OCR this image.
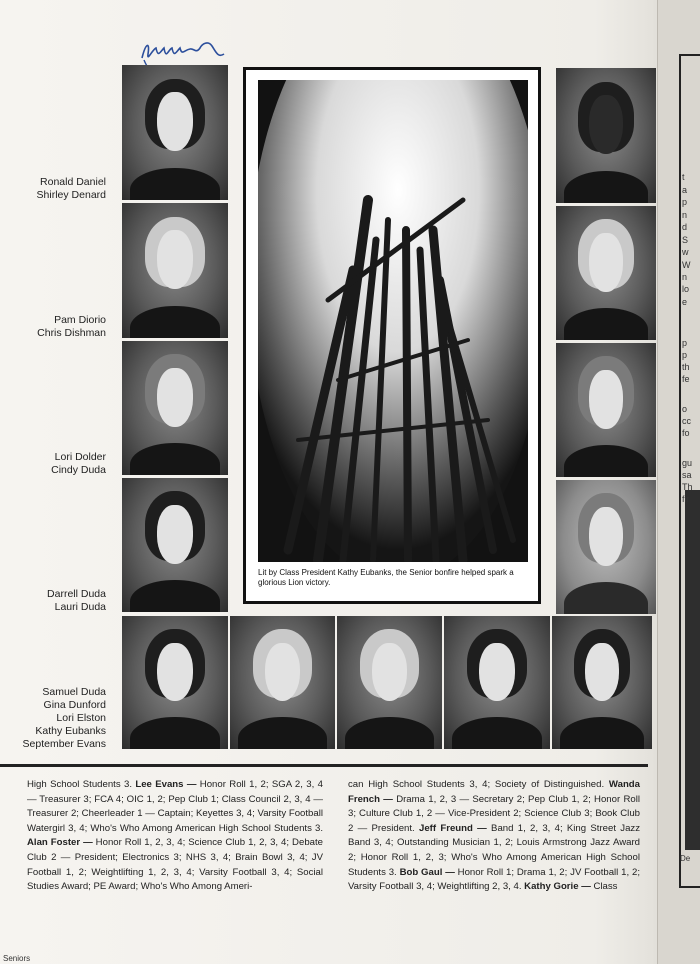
Ronald Daniel
Shirley Denard
Pam Diorio
Chris Dishman
Lori Dolder
Cindy Duda
Darrell Duda
Lauri Duda
Samuel Duda
Gina Dunford
Lori Elston
Kathy Eubanks
September Evans
Lit by Class President Kathy Eubanks, the Senior bonfire helped spark a glorious Lion victory.
High School Students 3. Lee Evans — Honor Roll 1, 2; SGA 2, 3, 4 — Treasurer 3; FCA 4; OIC 1, 2; Pep Club 1; Class Council 2, 3, 4 — Treasurer 2; Cheerleader 1 — Captain; Keyettes 3, 4; Varsity Football Watergirl 3, 4; Who's Who Among American High School Students 3. Alan Foster — Honor Roll 1, 2, 3, 4; Science Club 1, 2, 3, 4; Debate Club 2 — President; Electronics 3; NHS 3, 4; Brain Bowl 3, 4; JV Football 1, 2; Weightlifting 1, 2, 3, 4; Varsity Football 3, 4; Social Studies Award; PE Award; Who's Who Among Ameri-
can High School Students 3, 4; Society of Distinguished. Wanda French — Drama 1, 2, 3 — Secretary 2; Pep Club 1, 2; Honor Roll 3; Culture Club 1, 2 — Vice-President 2; Science Club 3; Book Club 2 — President. Jeff Freund — Band 1, 2, 3, 4; King Street Jazz Band 3, 4; Outstanding Musician 1, 2; Louis Armstrong Jazz Award 2; Honor Roll 1, 2, 3; Who's Who Among American High School Students 3. Bob Gaul — Honor Roll 1; Drama 1, 2; JV Football 1, 2; Varsity Football 3, 4; Weightlifting 2, 3, 4. Kathy Gorie — Class
Seniors
t
a
p
n
d
S
w
W
n
lo
e
p
p
th
fe
o
cc
fo
gu
sa
Th
fir
De
